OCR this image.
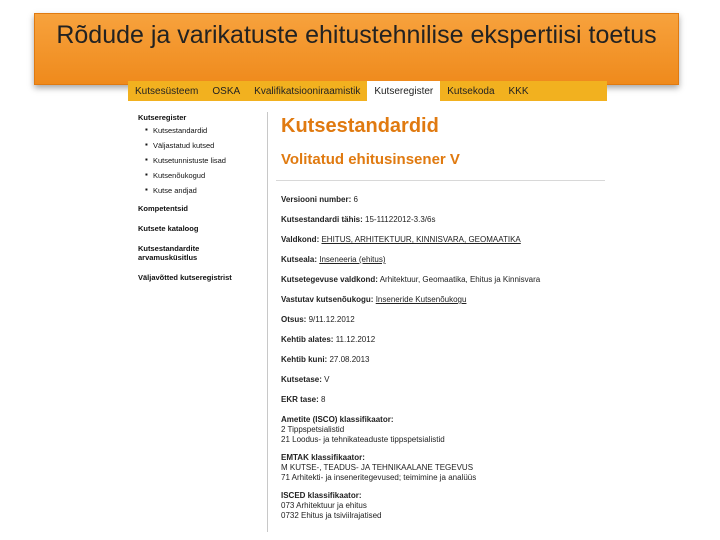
Rõdude ja varikatuste ehitustehnilise ekspertiisi toetus
Kutsesüsteem	OSKA	Kvalifikatsiooniraamistik	Kutseregister	Kutsekoda	KKK
Kutseregister
▪ Kutsestandardid
▪ Väljastatud kutsed
▪ Kutsetunnistuste lisad
▪ Kutsenõukogud
▪ Kutse andjad
Kompetentsid
Kutsete kataloog
Kutsestandardite arvamusküsitlus
Väljavõtted kutseregistrist
Kutsestandardid
Volitatud ehitusinsener V
Versiooni number: 6
Kutsestandardi tähis: 15-11122012-3.3/6s
Valdkond: EHITUS, ARHITEKTUUR, KINNISVARA, GEOMAATIKA
Kutseala: Inseneeria (ehitus)
Kutsetegevuse valdkond: Arhitektuur, Geomaatika, Ehitus ja Kinnisvara
Vastutav kutsenõukogu: Inseneride Kutsenõukogu
Otsus: 9/11.12.2012
Kehtib alates: 11.12.2012
Kehtib kuni: 27.08.2013
Kutsetase: V
EKR tase: 8
Ametite (ISCO) klassifikaator:
2 Tippspetsialistid
21 Loodus- ja tehnikateaduste tippspetsialistid
EMTAK klassifikaator:
M KUTSE-, TEADUS- JA TEHNIKAALANE TEGEVUS
71 Arhitekti- ja inseneritegevused; teimimine ja analüüs
ISCED klassifikaator:
073 Arhitektuur ja ehitus
0732 Ehitus ja tsiviilrajatised
